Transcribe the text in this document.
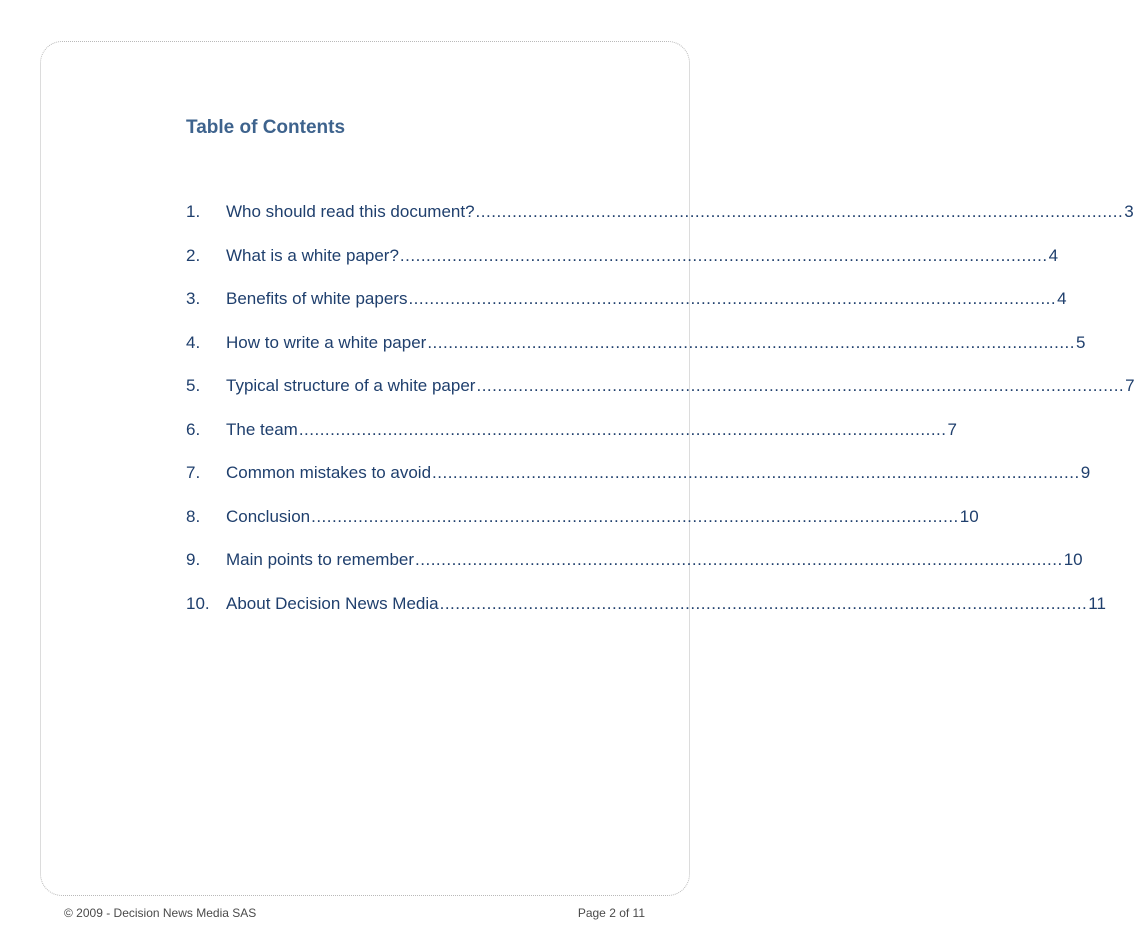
Table of Contents
1.	Who should read this document? ............................................................................................................................ 3
2.	What is a white paper? ............................................................................................................................ 4
3.	Benefits of white papers ............................................................................................................................ 4
4.	How to write a white paper ............................................................................................................................ 5
5.	Typical structure of a white paper ............................................................................................................................ 7
6.	The team ............................................................................................................................ 7
7.	Common mistakes to avoid ............................................................................................................................ 9
8.	Conclusion ............................................................................................................................ 10
9.	Main points to remember ............................................................................................................................ 10
10. About Decision News Media ............................................................................................................................ 11
© 2009 - Decision News Media SAS	Page 2 of 11
